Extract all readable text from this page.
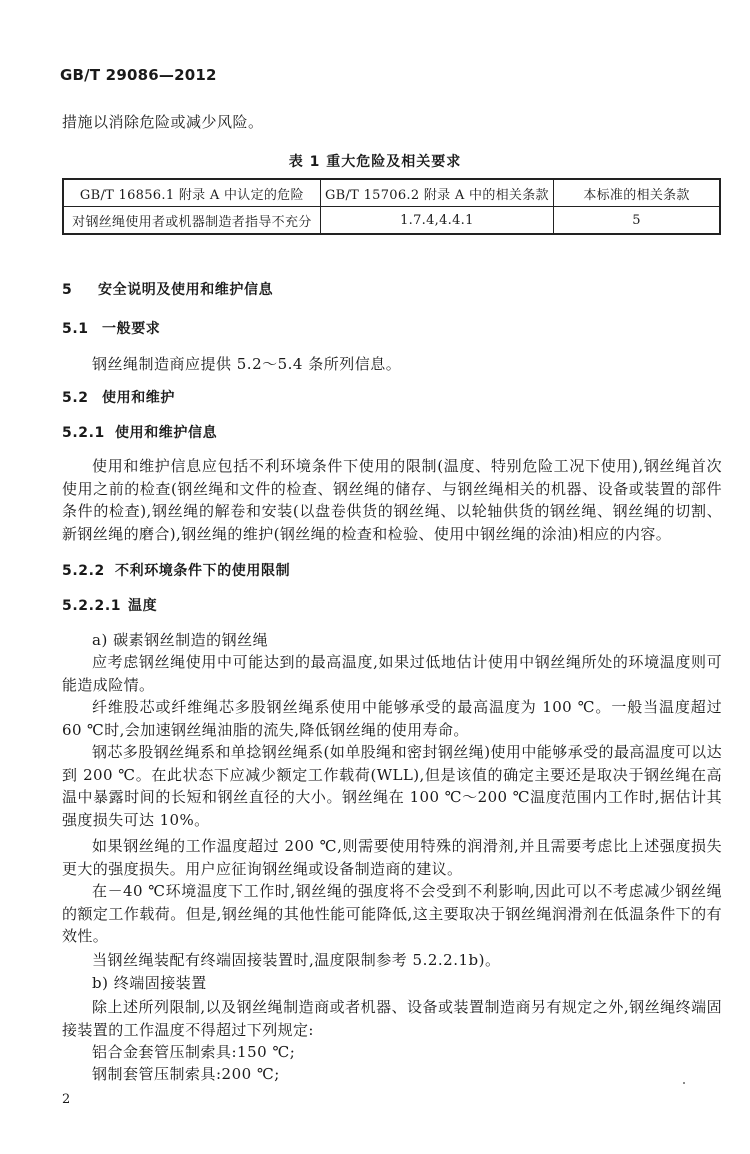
GB/T 29086—2012
措施以消除危险或减少风险。
表 1 重大危险及相关要求
GB/T 16856.1 附录 A 中认定的危险	GB/T 15706.2 附录 A 中的相关条款	本标准的相关条款
对钢丝绳使用者或机器制造者指导不充分	1.7.4,4.4.1	5
5 安全说明及使用和维护信息
5.1 一般要求
钢丝绳制造商应提供 5.2～5.4 条所列信息。
5.2 使用和维护
5.2.1 使用和维护信息
使用和维护信息应包括不利环境条件下使用的限制(温度、特别危险工况下使用),钢丝绳首次使用之前的检查(钢丝绳和文件的检查、钢丝绳的储存、与钢丝绳相关的机器、设备或装置的部件条件的检查),钢丝绳的解卷和安装(以盘卷供货的钢丝绳、以轮轴供货的钢丝绳、钢丝绳的切割、新钢丝绳的磨合),钢丝绳的维护(钢丝绳的检查和检验、使用中钢丝绳的涂油)相应的内容。
5.2.2 不利环境条件下的使用限制
5.2.2.1 温度
a) 碳素钢丝制造的钢丝绳
应考虑钢丝绳使用中可能达到的最高温度,如果过低地估计使用中钢丝绳所处的环境温度则可能造成险情。
纤维股芯或纤维绳芯多股钢丝绳系使用中能够承受的最高温度为 100 ℃。一般当温度超过 60 ℃时,会加速钢丝绳油脂的流失,降低钢丝绳的使用寿命。
钢芯多股钢丝绳系和单捻钢丝绳系(如单股绳和密封钢丝绳)使用中能够承受的最高温度可以达到 200 ℃。在此状态下应减少额定工作载荷(WLL),但是该值的确定主要还是取决于钢丝绳在高温中暴露时间的长短和钢丝直径的大小。钢丝绳在 100 ℃～200 ℃温度范围内工作时,据估计其强度损失可达 10%。
如果钢丝绳的工作温度超过 200 ℃,则需要使用特殊的润滑剂,并且需要考虑比上述强度损失更大的强度损失。用户应征询钢丝绳或设备制造商的建议。
在－40 ℃环境温度下工作时,钢丝绳的强度将不会受到不利影响,因此可以不考虑减少钢丝绳的额定工作载荷。但是,钢丝绳的其他性能可能降低,这主要取决于钢丝绳润滑剂在低温条件下的有效性。
当钢丝绳装配有终端固接装置时,温度限制参考 5.2.2.1b)。
b) 终端固接装置
除上述所列限制,以及钢丝绳制造商或者机器、设备或装置制造商另有规定之外,钢丝绳终端固接装置的工作温度不得超过下列规定:
铝合金套管压制索具:150 ℃;
钢制套管压制索具:200 ℃;
2
